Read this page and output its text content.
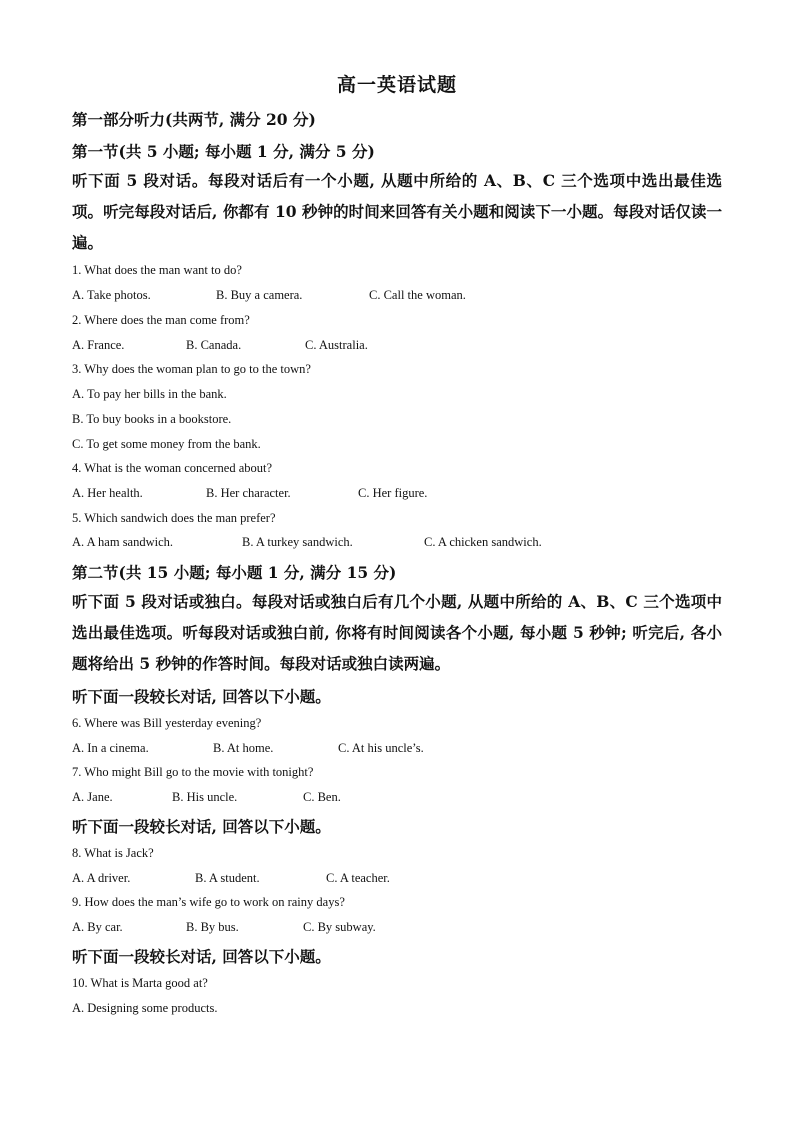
高一英语试题
第一部分听力(共两节, 满分 20 分)
第一节(共 5 小题; 每小题 1 分, 满分 5 分)
听下面 5 段对话。每段对话后有一个小题, 从题中所给的 A、B、C 三个选项中选出最佳选项。听完每段对话后, 你都有 10 秒钟的时间来回答有关小题和阅读下一小题。每段对话仅读一遍。
1. What does the man want to do?
A. Take photos.	B. Buy a camera.	C. Call the woman.
2. Where does the man come from?
A. France.	B. Canada.	C. Australia.
3. Why does the woman plan to go to the town?
A. To pay her bills in the bank.
B. To buy books in a bookstore.
C. To get some money from the bank.
4. What is the woman concerned about?
A. Her health.	B. Her character.	C. Her figure.
5. Which sandwich does the man prefer?
A. A ham sandwich.	B. A turkey sandwich.	C. A chicken sandwich.
第二节(共 15 小题; 每小题 1 分, 满分 15 分)
听下面 5 段对话或独白。每段对话或独白后有几个小题, 从题中所给的 A、B、C 三个选项中选出最佳选项。听每段对话或独白前, 你将有时间阅读各个小题, 每小题 5 秒钟; 听完后, 各小题将给出 5 秒钟的作答时间。每段对话或独白读两遍。
听下面一段较长对话, 回答以下小题。
6. Where was Bill yesterday evening?
A. In a cinema.	B. At home.	C. At his uncle’s.
7. Who might Bill go to the movie with tonight?
A. Jane.	B. His uncle.	C. Ben.
听下面一段较长对话, 回答以下小题。
8. What is Jack?
A. A driver.	B. A student.	C. A teacher.
9. How does the man’s wife go to work on rainy days?
A. By car.	B. By bus.	C. By subway.
听下面一段较长对话, 回答以下小题。
10. What is Marta good at?
A. Designing some products.
